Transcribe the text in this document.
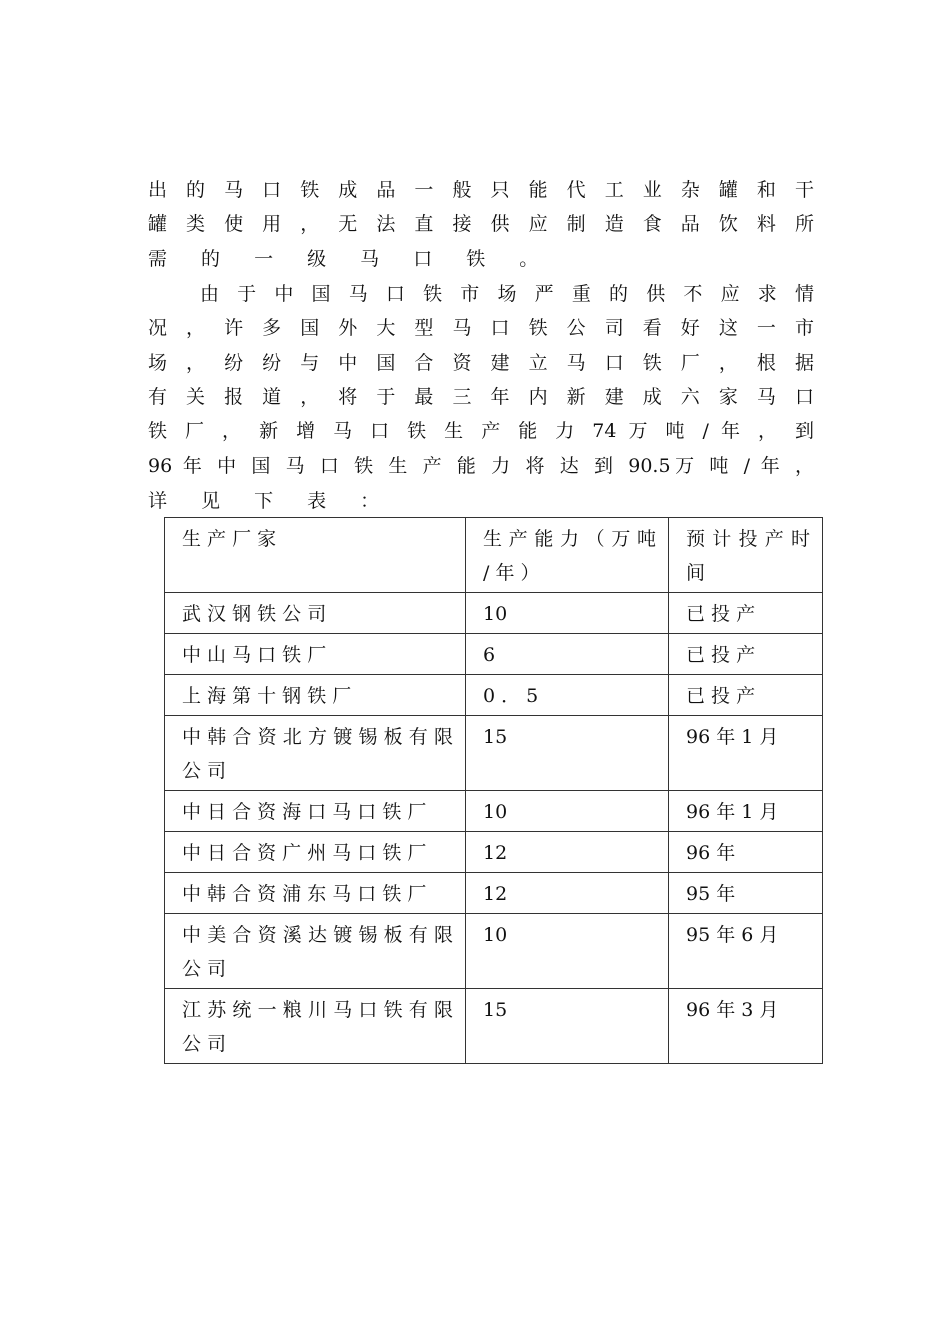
出 的 马 口 铁 成 品 一 般 只 能 代 工 业 杂 罐 和 干
罐 类 使 用 ， 无 法 直 接 供 应 制 造 食 品 饮 料 所
需 的 一 级 马 口 铁 。
由 于 中 国 马 口 铁 市 场 严 重 的 供 不 应 求 情
况 ， 许 多 国 外 大 型 马 口 铁 公 司 看 好 这 一 市
场 ， 纷 纷 与 中 国 合 资 建 立 马 口 铁 厂 ， 根 据
有 关 报 道 ， 将 于 最 三 年 内 新 建 成 六 家 马 口
铁 厂 ， 新 增 马 口 铁 生 产 能 力 74 万 吨 / 年 ， 到
96 年 中 国 马 口 铁 生 产 能 力 将 达 到 90.5万 吨 / 年 ，
详 见 下 表 ：
生 产 厂 家	生 产 能 力 （ 万 吨 / 年 ）	预 计 投 产 时 间

武 汉 钢 铁 公 司	10	已 投 产
中 山 马 口 铁 厂	6	已 投 产
上 海 第 十 钢 铁 厂	0 ． 5	已 投 产

中 韩 合 资 北 方 镀 锡 板 有 限 公 司	15	96 年 1 月

中 日 合 资 海 口 马 口 铁 厂	10	96 年 1 月

中 日 合 资 广 州 马 口 铁 厂	12	96 年

中 韩 合 资 浦 东 马 口 铁 厂	12	95 年

中 美 合 资 溪 达 镀 锡 板 有 限 公 司	10	95 年 6 月

江 苏 统 一 粮 川 马 口 铁 有 限 公 司	15	96 年 3 月
